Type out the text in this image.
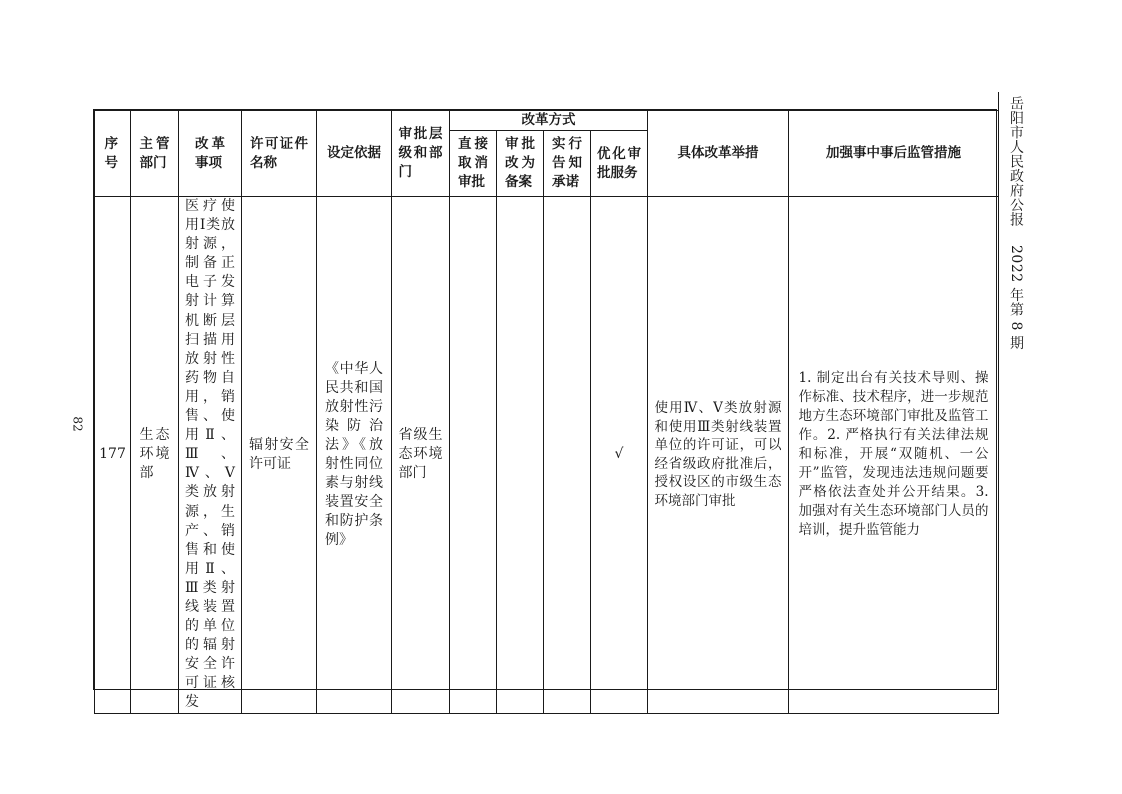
82
序号	主管部门	改革事项	许可证件名称	设定依据	审批层级和部门	改革方式				具体改革举措	加强事中事后监管措施
						直接取消审批	审批改为备案	实行告知承诺	优化审批服务		
177	生态环境部	医疗使用Ⅰ类放射源，制备正电子发射计算机断层扫描用放射性药物自用，销售、使用Ⅱ、Ⅲ、Ⅳ、Ⅴ类放射源，生产、销售和使用Ⅱ、Ⅲ类射线装置的单位的辐射安全许可证核发	辐射安全许可证	《中华人民共和国放射性污染防治法》《放射性同位素与射线装置安全和防护条例》	省级生态环境部门				√	使用Ⅳ、Ⅴ类放射源和使用Ⅲ类射线装置单位的许可证，可以经省级政府批准后，授权设区的市级生态环境部门审批	1. 制定出台有关技术导则、操作标准、技术程序，进一步规范地方生态环境部门审批及监管工作。2. 严格执行有关法律法规和标准，开展“双随机、一公开”监管，发现违法违规问题要严格依法查处并公开结果。3. 加强对有关生态环境部门人员的培训，提升监管能力
岳阳市人民政府公报 2022 年第 8 期
